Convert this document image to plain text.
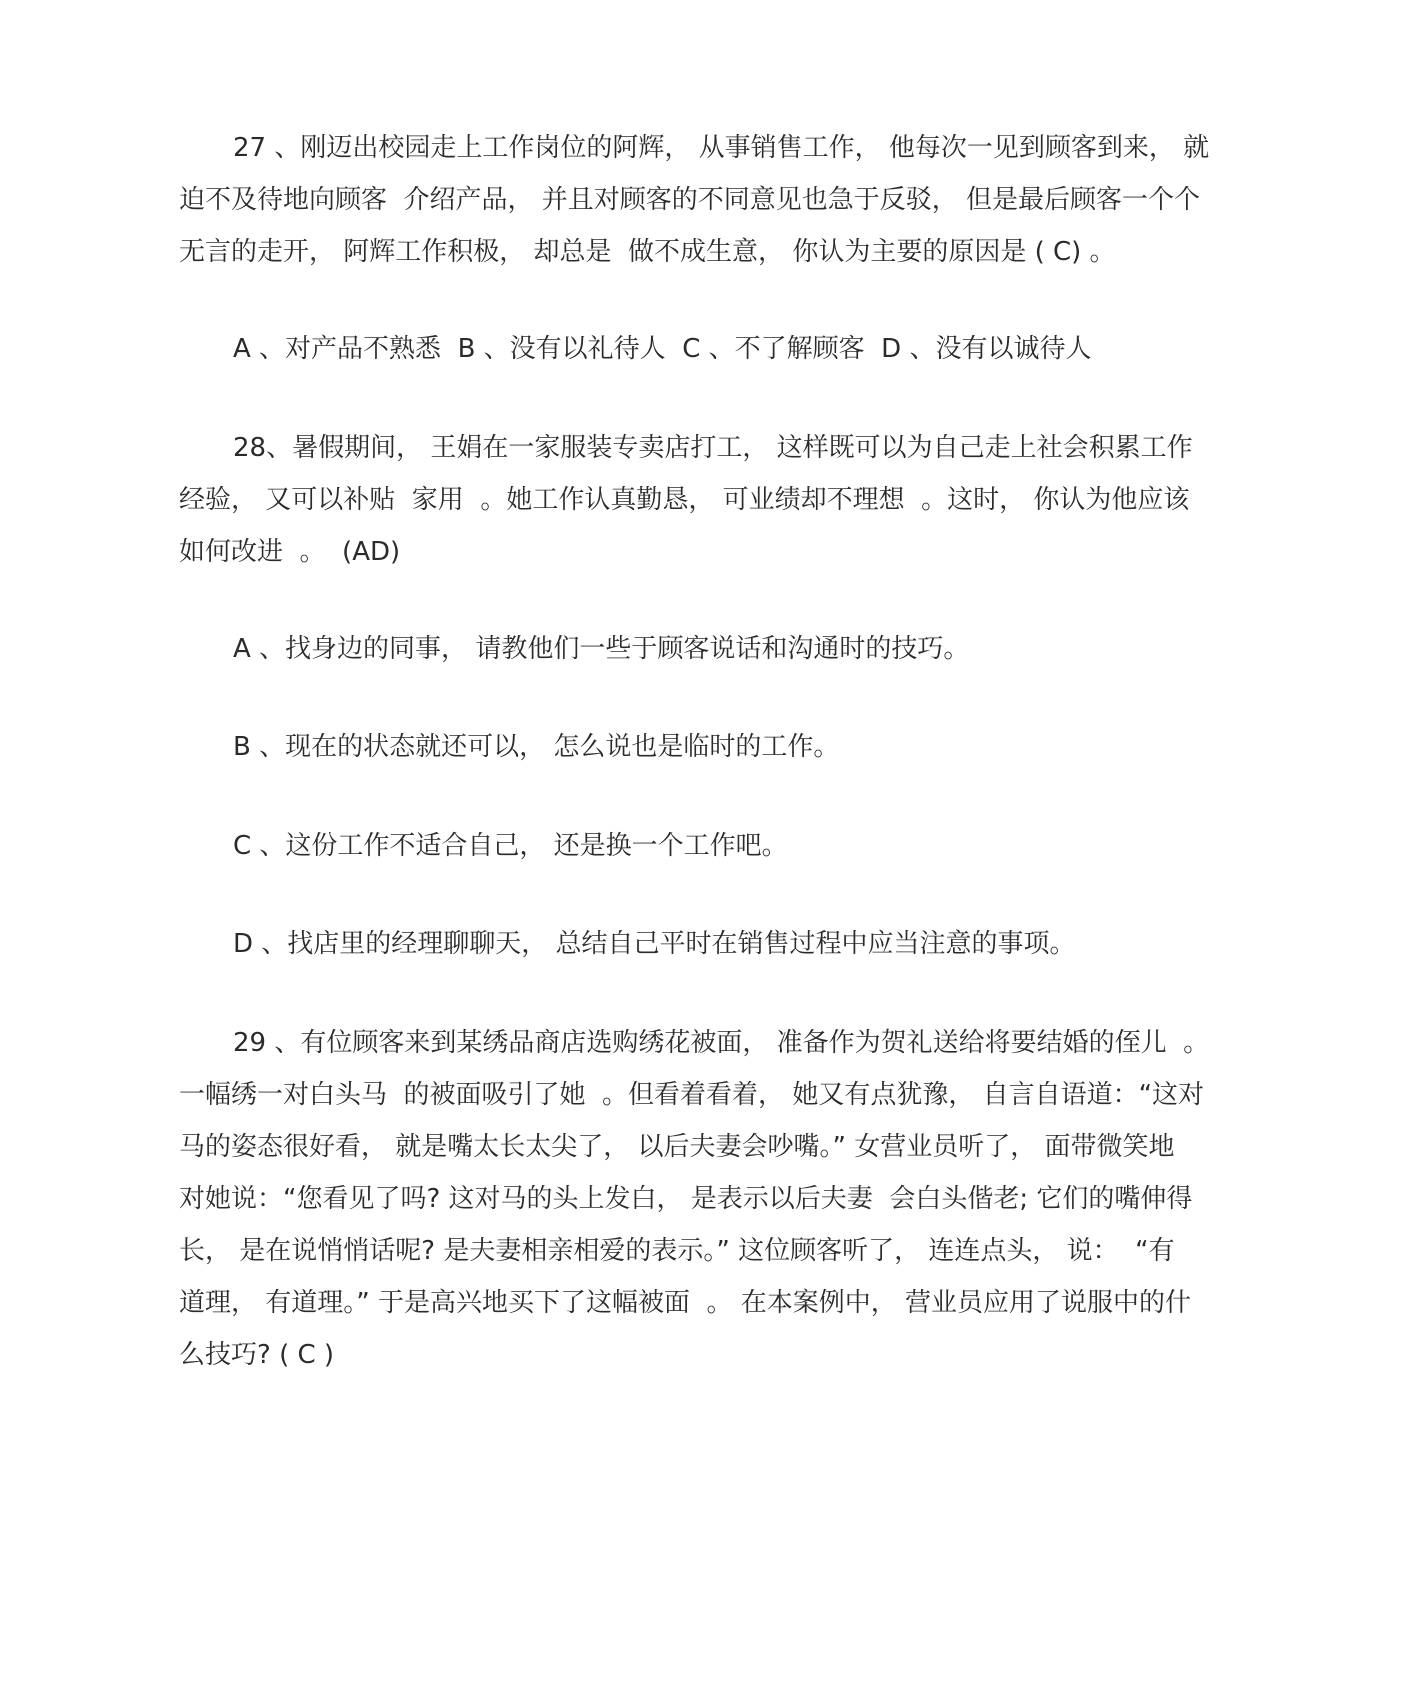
27 、刚迈出校园走上工作岗位的阿辉， 从事销售工作， 他每次一见到顾客到来， 就

迫不及待地向顾客  介绍产品， 并且对顾客的不同意见也急于反驳， 但是最后顾客一个个

无言的走开， 阿辉工作积极， 却总是  做不成生意， 你认为主要的原因是 ( C) 。

A 、对产品不熟悉  B 、没有以礼待人  C 、不了解顾客  D 、没有以诚待人

28、暑假期间， 王娟在一家服装专卖店打工， 这样既可以为自己走上社会积累工作

经验， 又可以补贴  家用  。她工作认真勤恳， 可业绩却不理想  。这时， 你认为他应该

如何改进  。  (AD)

A 、找身边的同事， 请教他们一些于顾客说话和沟通时的技巧。

B 、现在的状态就还可以， 怎么说也是临时的工作。

C 、这份工作不适合自己， 还是换一个工作吧。

D 、找店里的经理聊聊天， 总结自己平时在销售过程中应当注意的事项。

29 、有位顾客来到某绣品商店选购绣花被面， 准备作为贺礼送给将要结婚的侄儿  。

一幅绣一对白头马  的被面吸引了她  。但看着看着， 她又有点犹豫， 自言自语道：“这对

马的姿态很好看， 就是嘴太长太尖了， 以后夫妻会吵嘴。” 女营业员听了， 面带微笑地

对她说：“您看见了吗? 这对马的头上发白， 是表示以后夫妻  会白头偕老; 它们的嘴伸得

长， 是在说悄悄话呢? 是夫妻相亲相爱的表示。” 这位顾客听了， 连连点头， 说：  “有

道理， 有道理。” 于是高兴地买下了这幅被面  。 在本案例中， 营业员应用了说服中的什

么技巧? ( C )
